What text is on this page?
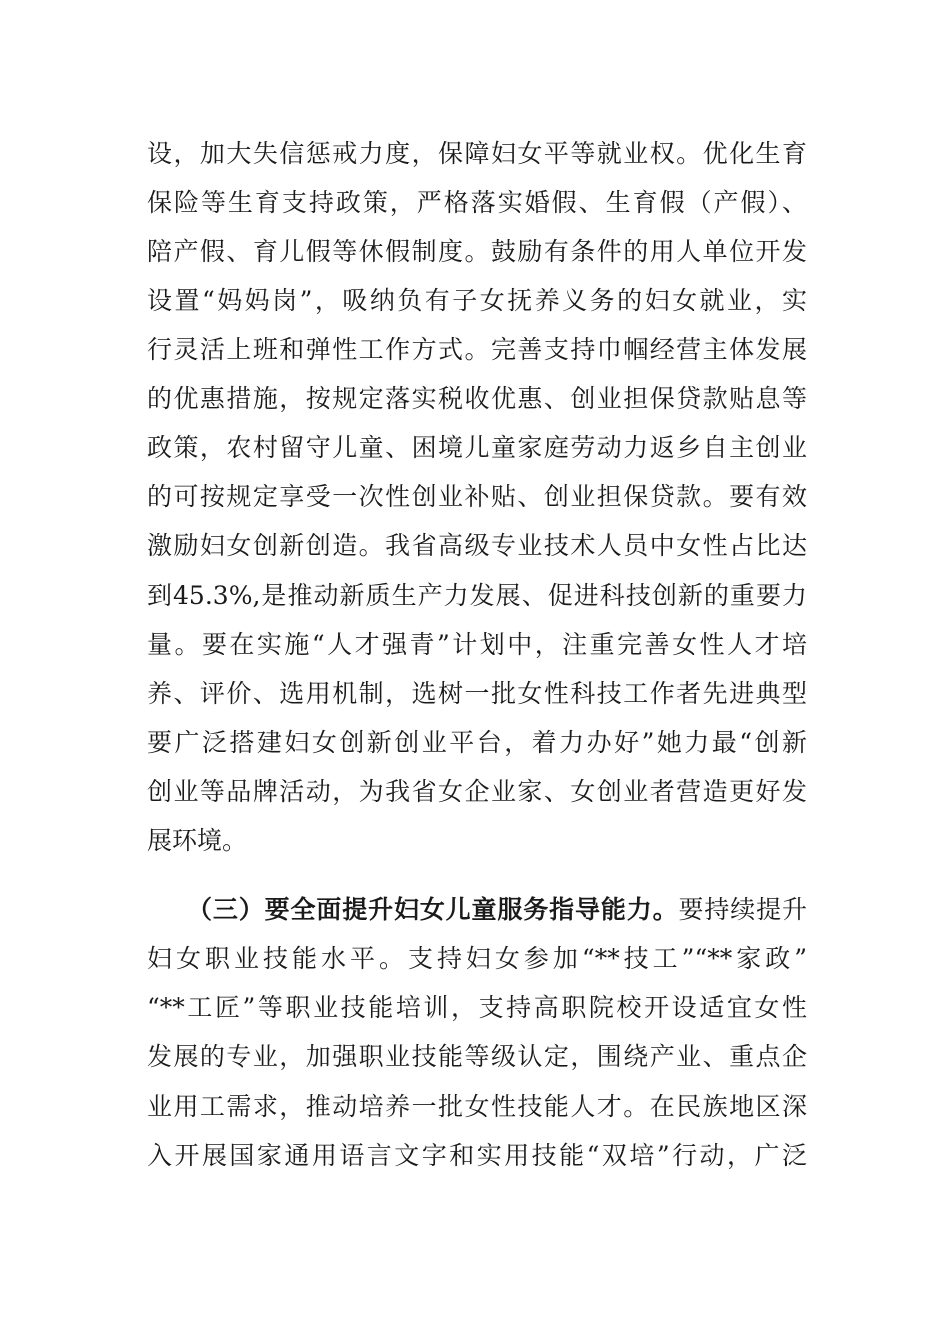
设，加大失信惩戒力度，保障妇女平等就业权。优化生育
保险等生育支持政策，严格落实婚假、生育假（产假）、
陪产假、育儿假等休假制度。鼓励有条件的用人单位开发
设置“妈妈岗”，吸纳负有子女抚养义务的妇女就业，实
行灵活上班和弹性工作方式。完善支持巾帼经营主体发展
的优惠措施，按规定落实税收优惠、创业担保贷款贴息等
政策，农村留守儿童、困境儿童家庭劳动力返乡自主创业
的可按规定享受一次性创业补贴、创业担保贷款。要有效
激励妇女创新创造。我省高级专业技术人员中女性占比达
到45.3%,是推动新质生产力发展、促进科技创新的重要力
量。要在实施“人才强青”计划中，注重完善女性人才培
养、评价、选用机制，选树一批女性科技工作者先进典型
要广泛搭建妇女创新创业平台，着力办好”她力最“创新
创业等品牌活动，为我省女企业家、女创业者营造更好发
展环境。
（三）要全面提升妇女儿童服务指导能力。要持续提升
妇女职业技能水平。支持妇女参加“**技工”“**家政”
“**工匠”等职业技能培训，支持高职院校开设适宜女性
发展的专业，加强职业技能等级认定，围绕产业、重点企
业用工需求，推动培养一批女性技能人才。在民族地区深
入开展国家通用语言文字和实用技能“双培”行动，广泛
